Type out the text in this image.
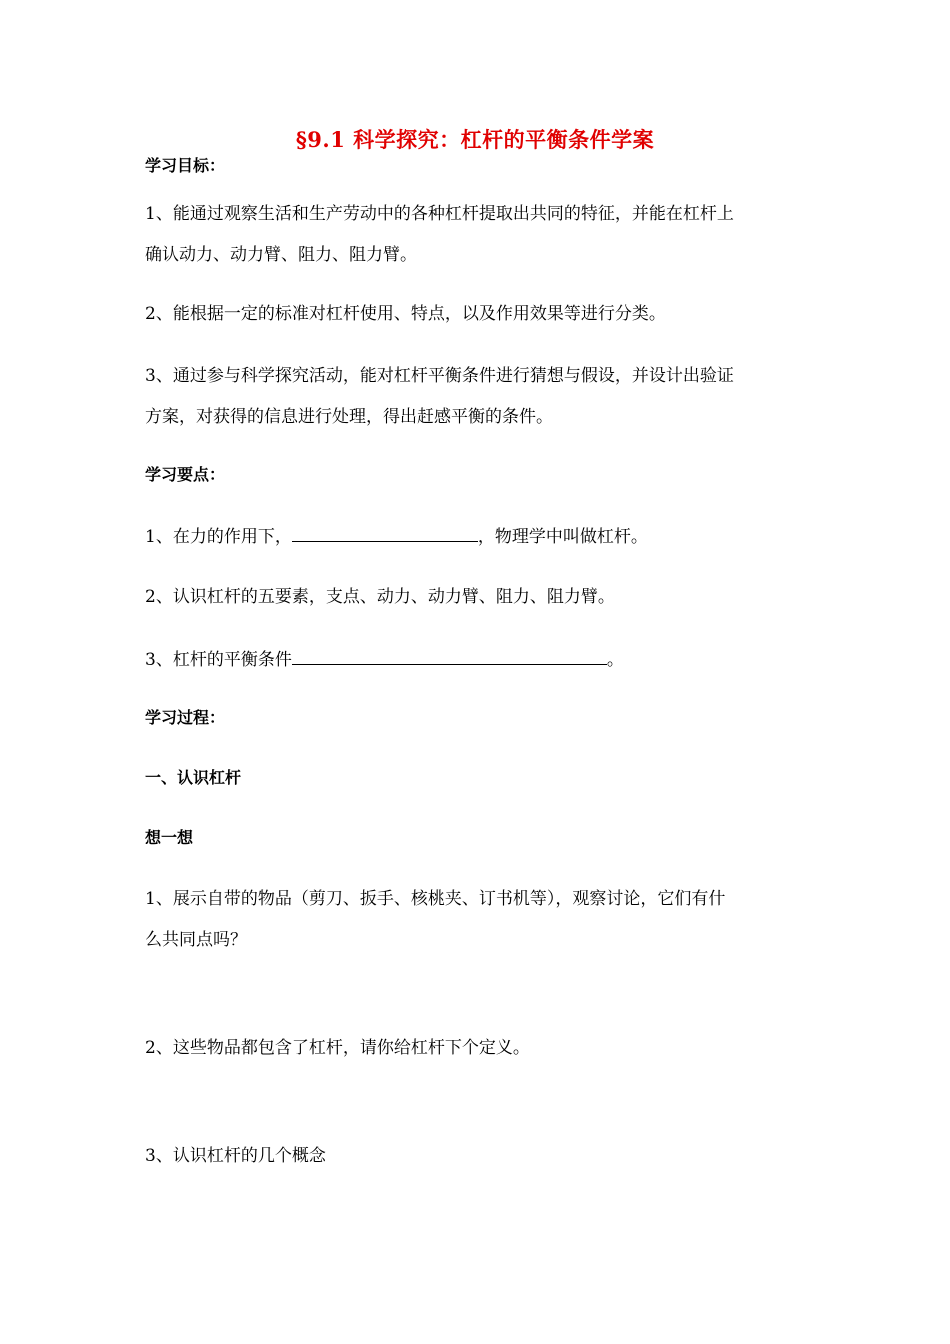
§9.1 科学探究：杠杆的平衡条件学案
学习目标：
1、能通过观察生活和生产劳动中的各种杠杆提取出共同的特征，并能在杠杆上
确认动力、动力臂、阻力、阻力臂。
2、能根据一定的标准对杠杆使用、特点，以及作用效果等进行分类。
3、通过参与科学探究活动，能对杠杆平衡条件进行猜想与假设，并设计出验证
方案，对获得的信息进行处理，得出赶感平衡的条件。
学习要点：
1、在力的作用下，	，物理学中叫做杠杆。
2、认识杠杆的五要素，支点、动力、动力臂、阻力、阻力臂。
3、杠杆的平衡条件	。
学习过程：
一、认识杠杆
想一想
1、展示自带的物品（剪刀、扳手、核桃夹、订书机等），观察讨论，它们有什
么共同点吗？
2、这些物品都包含了杠杆，请你给杠杆下个定义。
3、认识杠杆的几个概念
